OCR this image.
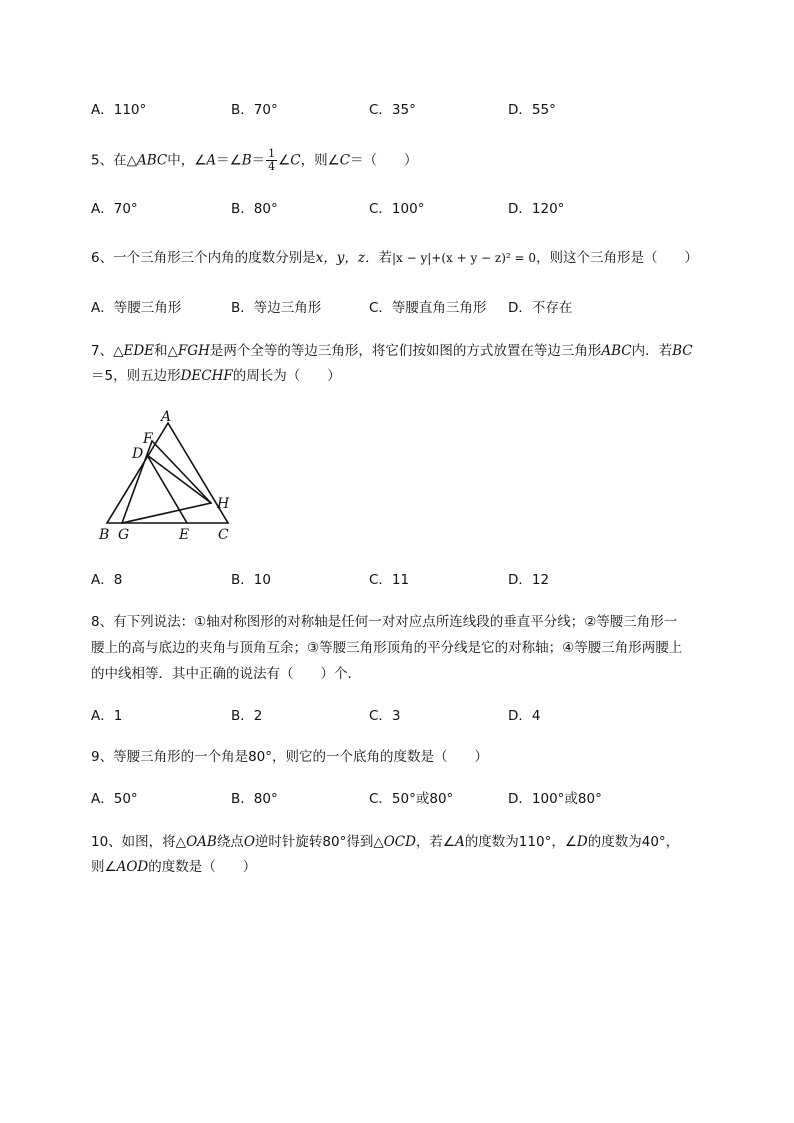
A．110°	B．70°	C．35°	D．55°
5、在△ABC中，∠A＝∠B＝ $\frac{1}{4}$ ∠C，则∠C＝（　　）
A．70°	B．80°	C．100°	D．120°
6、一个三角形三个内角的度数分别是x，y，z．若|x − y|+(x + y − z)² = 0，则这个三角形是（　　）
A．等腰三角形	B．等边三角形	C．等腰直角三角形 D．不存在
7、△EDE和△FGH是两个全等的等边三角形，将它们按如图的方式放置在等边三角形ABC内．若BC
＝5，则五边形DECHF的周长为（　　）
A
F
D
H
B G	E C
A．8	B．10	C．11	D．12
8、有下列说法：①轴对称图形的对称轴是任何一对对应点所连线段的垂直平分线；②等腰三角形一
腰上的高与底边的夹角与顶角互余；③等腰三角形顶角的平分线是它的对称轴；④等腰三角形两腰上
的中线相等．其中正确的说法有（　　）个．
A．1	B．2	C．3	D．4
9、等腰三角形的一个角是80°，则它的一个底角的度数是（　　）
A．50°	B．80°	C．50°或80°	D．100°或80°
10、如图，将△OAB绕点O逆时针旋转80°得到△OCD，若∠A的度数为110°，∠D的度数为40°，
则∠AOD的度数是（　　）
